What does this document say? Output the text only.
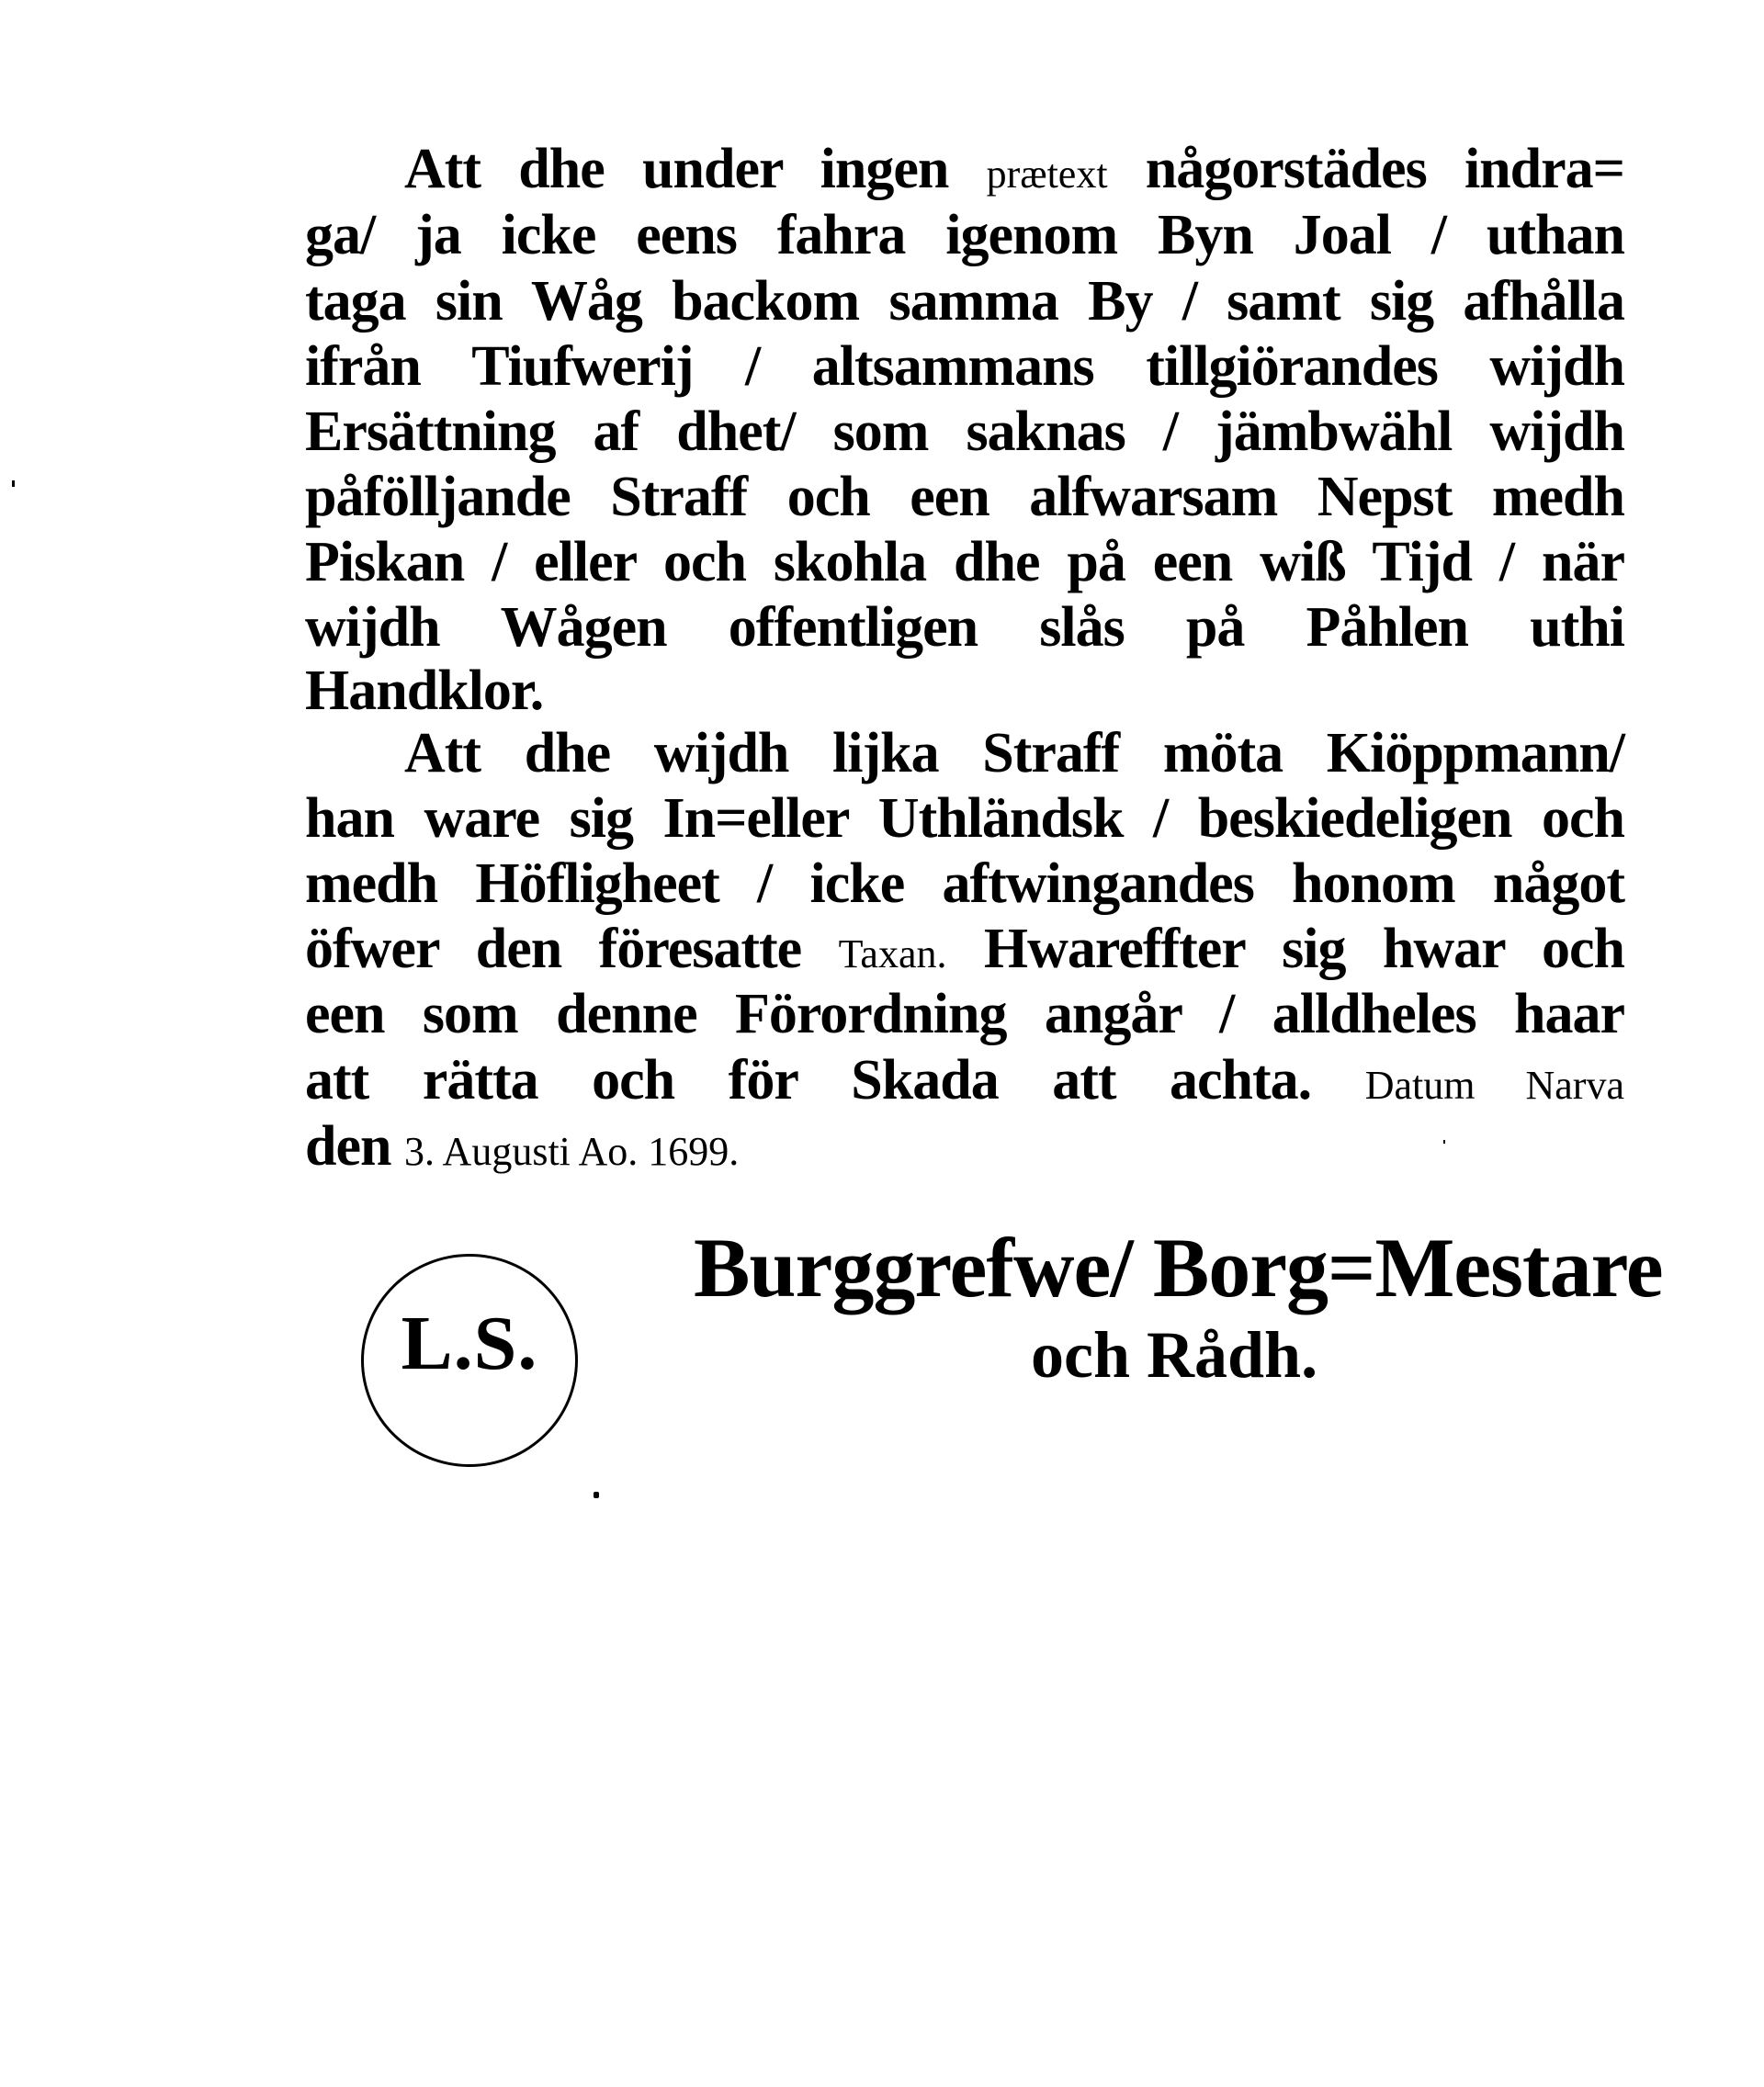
Att dhe under ingen prætext någorstädes indra=
ga/ ja icke eens fahra igenom Byn Joal / uthan
taga sin Wåg backom samma By / samt sig afhålla
ifrån Tiufwerij / altsammans tillgiörandes wijdh
Ersättning af dhet/ som saknas / jämbwähl wijdh
påfölljande Straff och een alfwarsam Nepst medh
Piskan / eller och skohla dhe på een wiß Tijd / när
wijdh Wågen offentligen slås på Påhlen uthi
Handklor.
Att dhe wijdh lijka Straff möta Kiöppmann/
han ware sig In=eller Uthländsk / beskiedeligen och
medh Höfligheet / icke aftwingandes honom något
öfwer den föresatte Taxan. Hwareffter sig hwar och
een som denne Förordning angår / alldheles haar
att rätta och för Skada att achta. Datum Narva
den 3. Augusti Ao. 1699.
L.S.
Burggrefwe/ Borg=Mestare
och Rådh.
